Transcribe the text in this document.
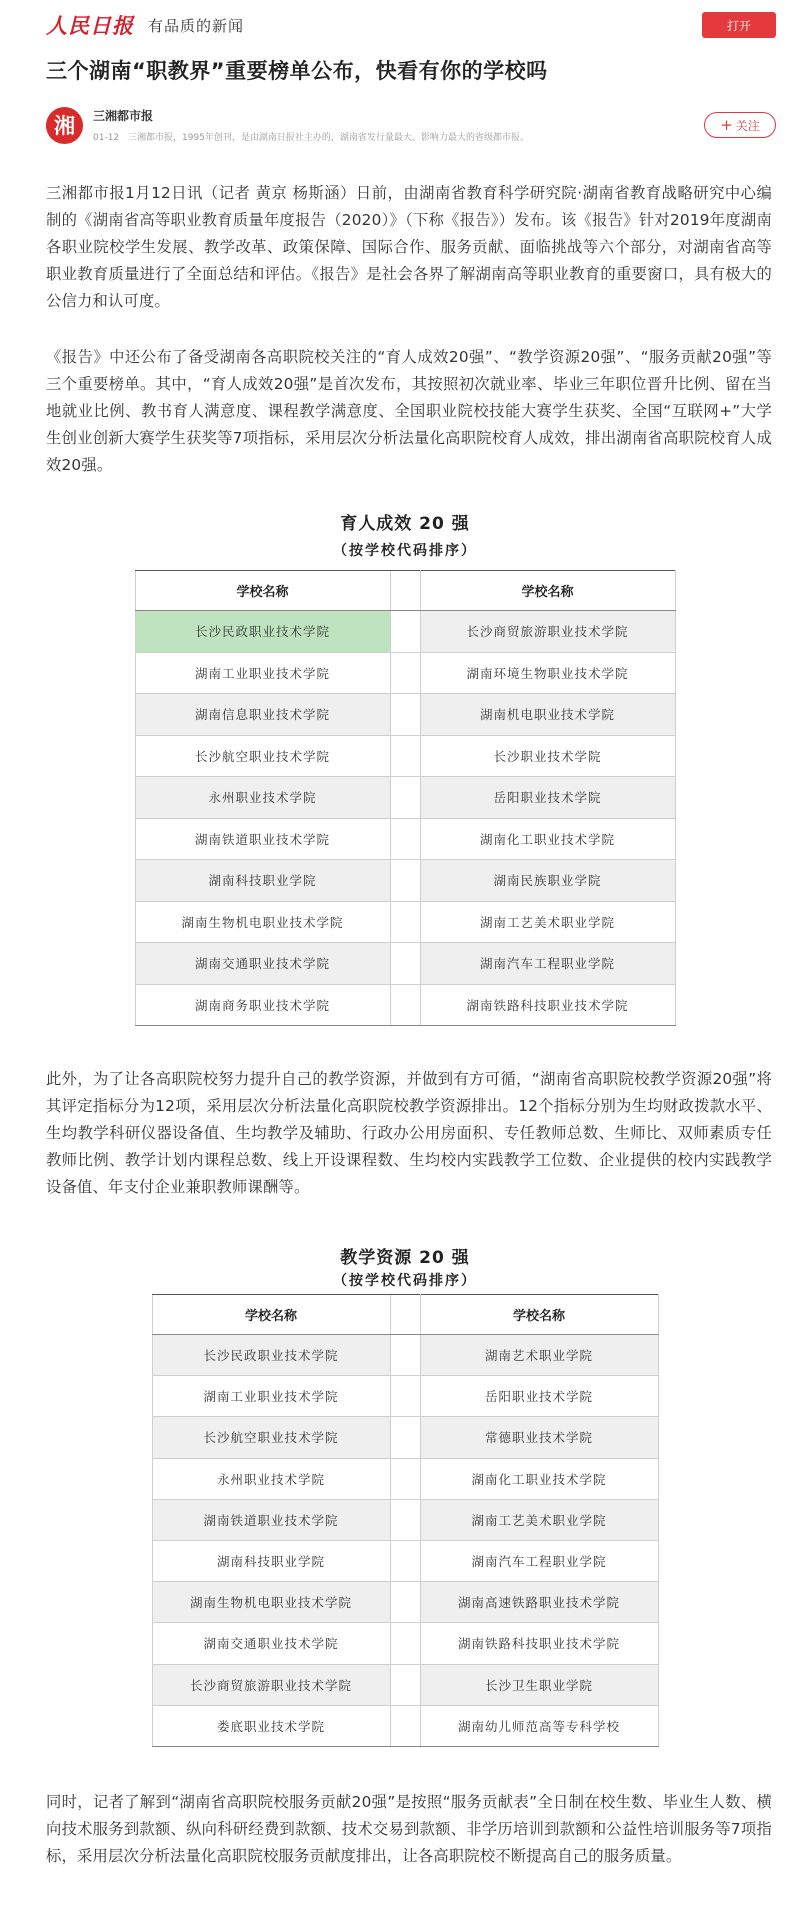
人民日报 有品质的新闻	打开
三个湖南“职教界”重要榜单公布，快看有你的学校吗
湘	三湘都市报
01-12 三湘都市报，1995年创刊，是由湖南日报社主办的，湖南省发行量最大、影响力最大的省级都市报。
+ 关注

三湘都市报1月12日讯（记者 黄京 杨斯涵）日前，由湖南省教育科学研究院·湖南省教育战略研究中心编制的《湖南省高等职业教育质量年度报告（2020）》（下称《报告》）发布。该《报告》针对2019年度湖南各职业院校学生发展、教学改革、政策保障、国际合作、服务贡献、面临挑战等六个部分，对湖南省高等职业教育质量进行了全面总结和评估。《报告》是社会各界了解湖南高等职业教育的重要窗口，具有极大的公信力和认可度。

《报告》中还公布了备受湖南各高职院校关注的“育人成效20强”、“教学资源20强”、“服务贡献20强”等三个重要榜单。其中，“育人成效20强”是首次发布，其按照初次就业率、毕业三年职位晋升比例、留在当地就业比例、教书育人满意度、课程教学满意度、全国职业院校技能大赛学生获奖、全国“互联网+”大学生创业创新大赛学生获奖等7项指标，采用层次分析法量化高职院校育人成效，排出湖南省高职院校育人成效20强。

育人成效 20 强
（按学校代码排序）
学校名称		学校名称
长沙民政职业技术学院		长沙商贸旅游职业技术学院
湖南工业职业技术学院		湖南环境生物职业技术学院
湖南信息职业技术学院		湖南机电职业技术学院
长沙航空职业技术学院		长沙职业技术学院
永州职业技术学院		岳阳职业技术学院
湖南铁道职业技术学院		湖南化工职业技术学院
湖南科技职业学院		湖南民族职业学院
湖南生物机电职业技术学院		湖南工艺美术职业学院
湖南交通职业技术学院		湖南汽车工程职业学院
湖南商务职业技术学院		湖南铁路科技职业技术学院

此外，为了让各高职院校努力提升自己的教学资源，并做到有方可循，“湖南省高职院校教学资源20强”将其评定指标分为12项，采用层次分析法量化高职院校教学资源排出。12个指标分别为生均财政拨款水平、生均教学科研仪器设备值、生均教学及辅助、行政办公用房面积、专任教师总数、生师比、双师素质专任教师比例、教学计划内课程总数、线上开设课程数、生均校内实践教学工位数、企业提供的校内实践教学设备值、年支付企业兼职教师课酬等。

教学资源 20 强
（按学校代码排序）
学校名称		学校名称
长沙民政职业技术学院		湖南艺术职业学院
湖南工业职业技术学院		岳阳职业技术学院
长沙航空职业技术学院		常德职业技术学院
永州职业技术学院		湖南化工职业技术学院
湖南铁道职业技术学院		湖南工艺美术职业学院
湖南科技职业学院		湖南汽车工程职业学院
湖南生物机电职业技术学院		湖南高速铁路职业技术学院
湖南交通职业技术学院		湖南铁路科技职业技术学院
长沙商贸旅游职业技术学院		长沙卫生职业学院
娄底职业技术学院		湖南幼儿师范高等专科学校

同时，记者了解到“湖南省高职院校服务贡献20强”是按照“服务贡献表”全日制在校生数、毕业生人数、横向技术服务到款额、纵向科研经费到款额、技术交易到款额、非学历培训到款额和公益性培训服务等7项指标，采用层次分析法量化高职院校服务贡献度排出，让各高职院校不断提高自己的服务质量。
